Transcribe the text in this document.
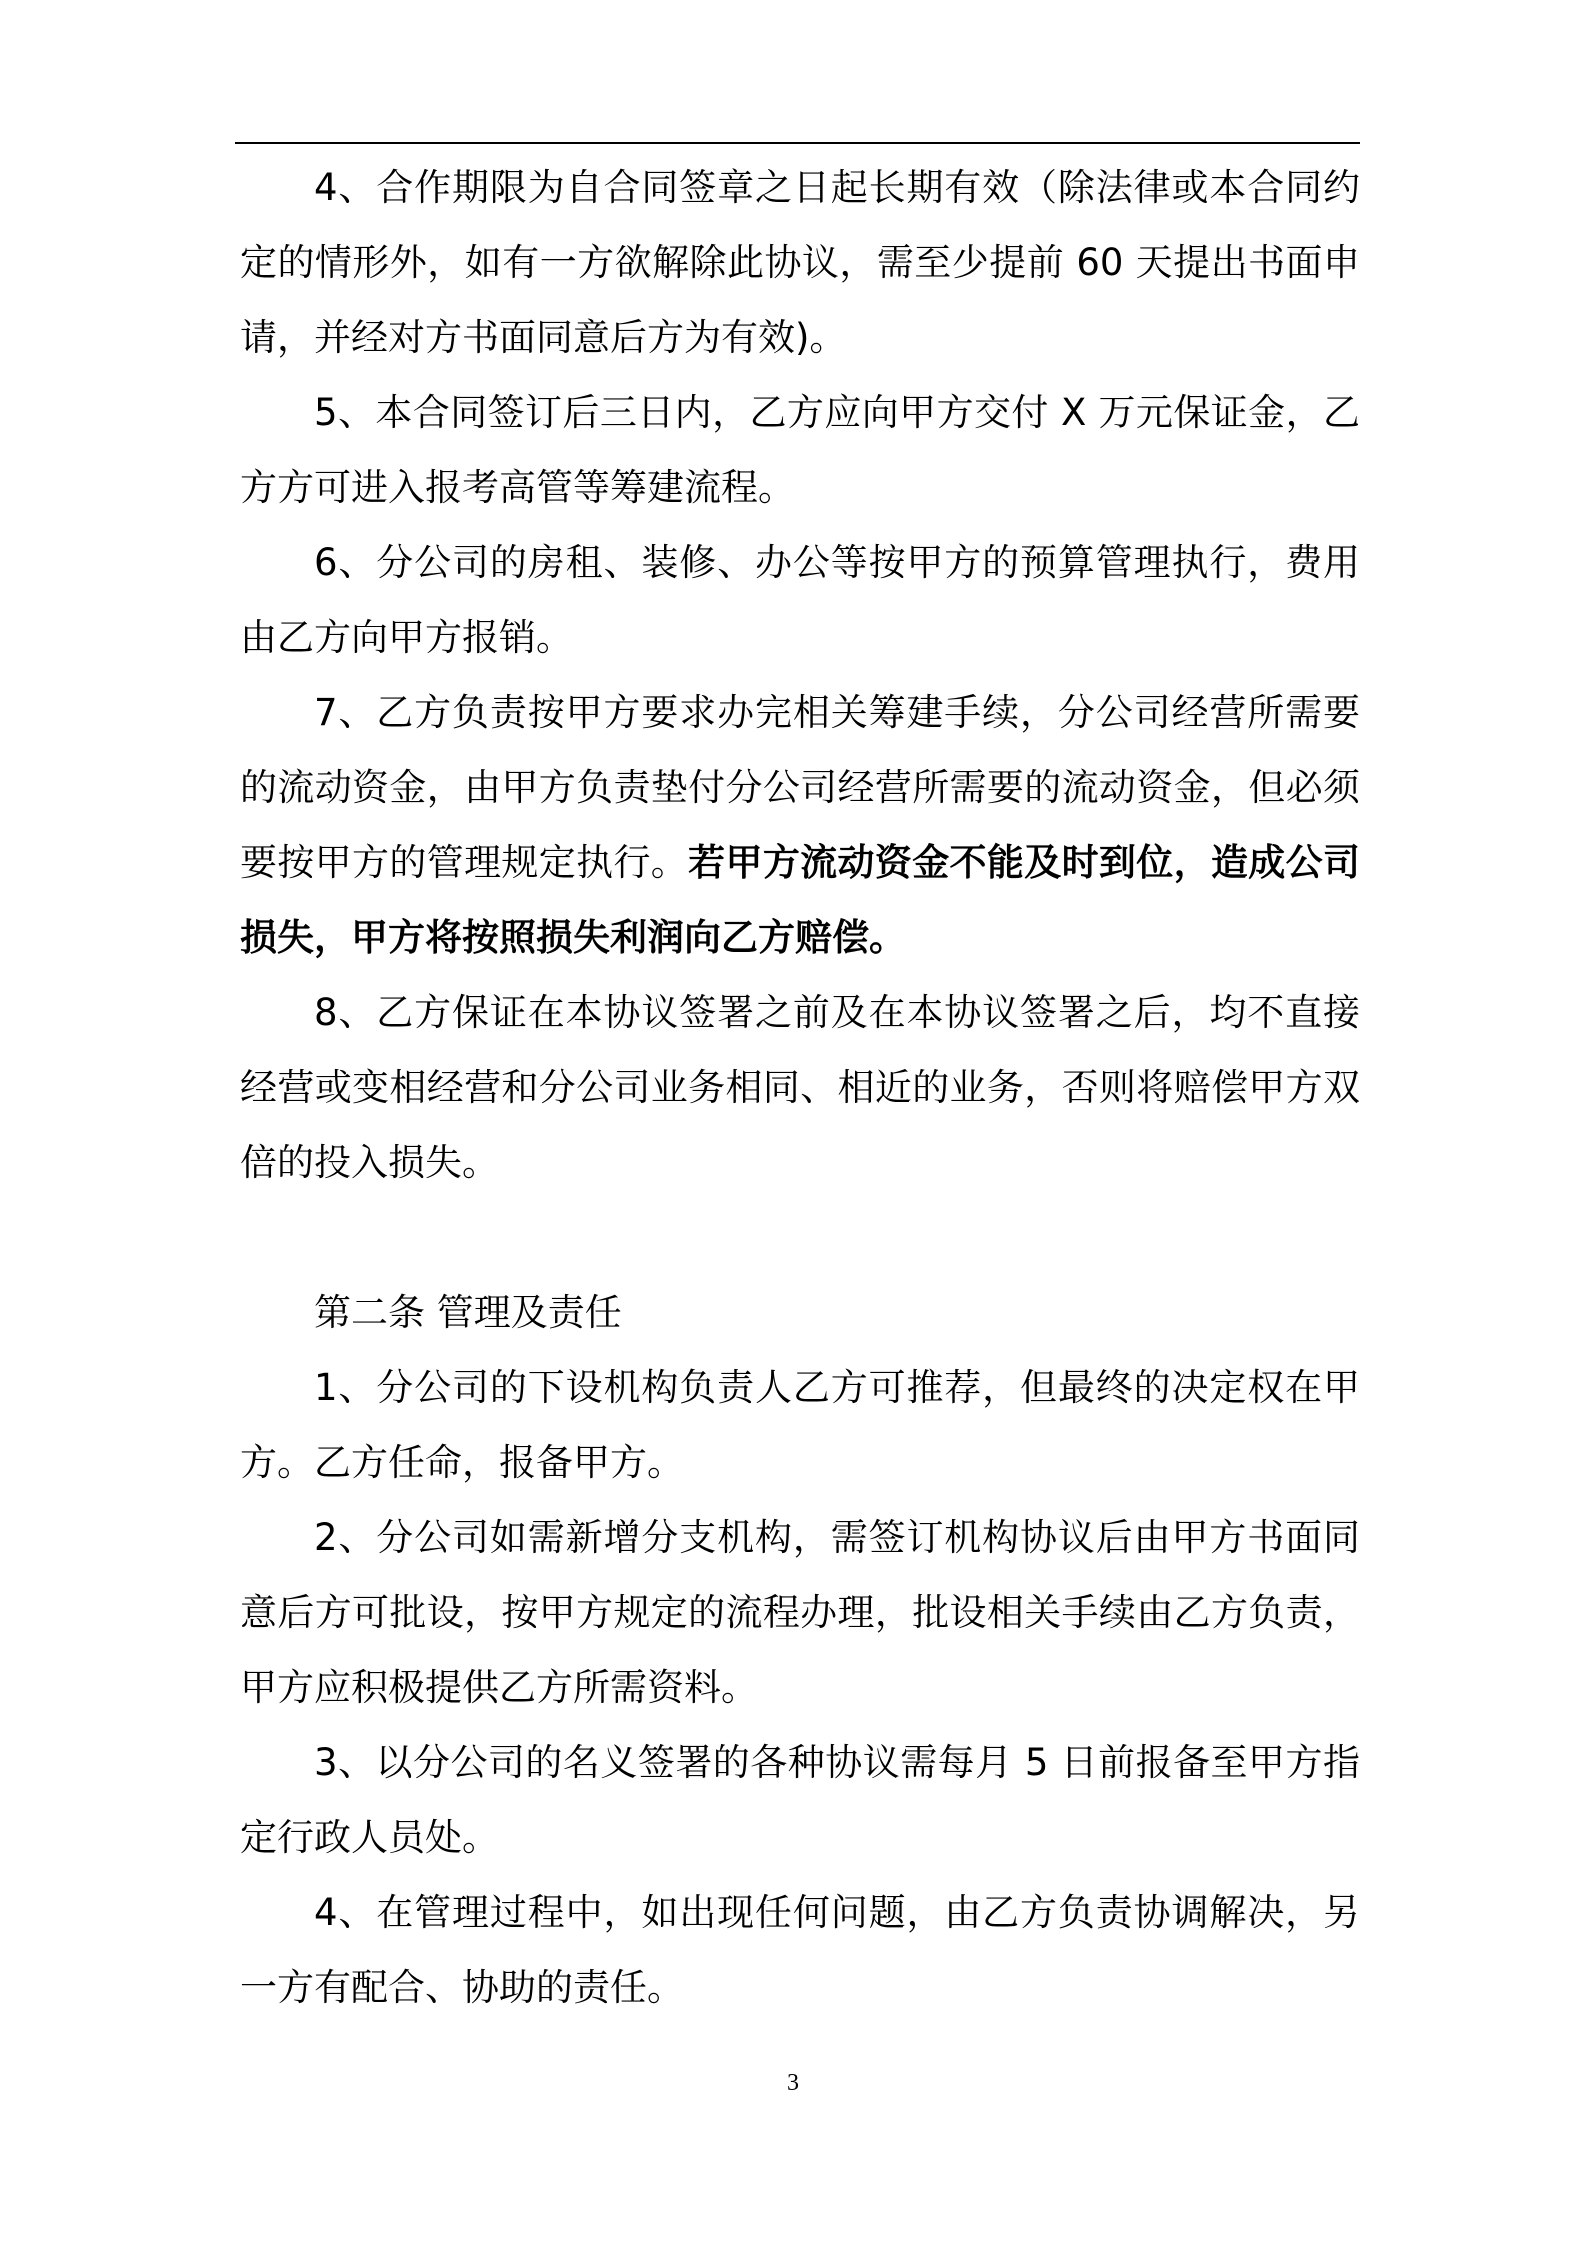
4、合作期限为自合同签章之日起长期有效（除法律或本合同约定的情形外，如有一方欲解除此协议，需至少提前 60 天提出书面申请，并经对方书面同意后方为有效)。

5、本合同签订后三日内，乙方应向甲方交付 X 万元保证金，乙方方可进入报考高管等筹建流程。

6、分公司的房租、装修、办公等按甲方的预算管理执行，费用由乙方向甲方报销。

7、乙方负责按甲方要求办完相关筹建手续，分公司经营所需要的流动资金，由甲方负责垫付分公司经营所需要的流动资金，但必须要按甲方的管理规定执行。若甲方流动资金不能及时到位，造成公司损失，甲方将按照损失利润向乙方赔偿。

8、乙方保证在本协议签署之前及在本协议签署之后，均不直接经营或变相经营和分公司业务相同、相近的业务，否则将赔偿甲方双倍的投入损失。

第二条 管理及责任

1、分公司的下设机构负责人乙方可推荐，但最终的决定权在甲方。乙方任命，报备甲方。

2、分公司如需新增分支机构，需签订机构协议后由甲方书面同意后方可批设，按甲方规定的流程办理，批设相关手续由乙方负责，甲方应积极提供乙方所需资料。

3、以分公司的名义签署的各种协议需每月 5 日前报备至甲方指定行政人员处。

4、在管理过程中，如出现任何问题，由乙方负责协调解决，另一方有配合、协助的责任。

3
